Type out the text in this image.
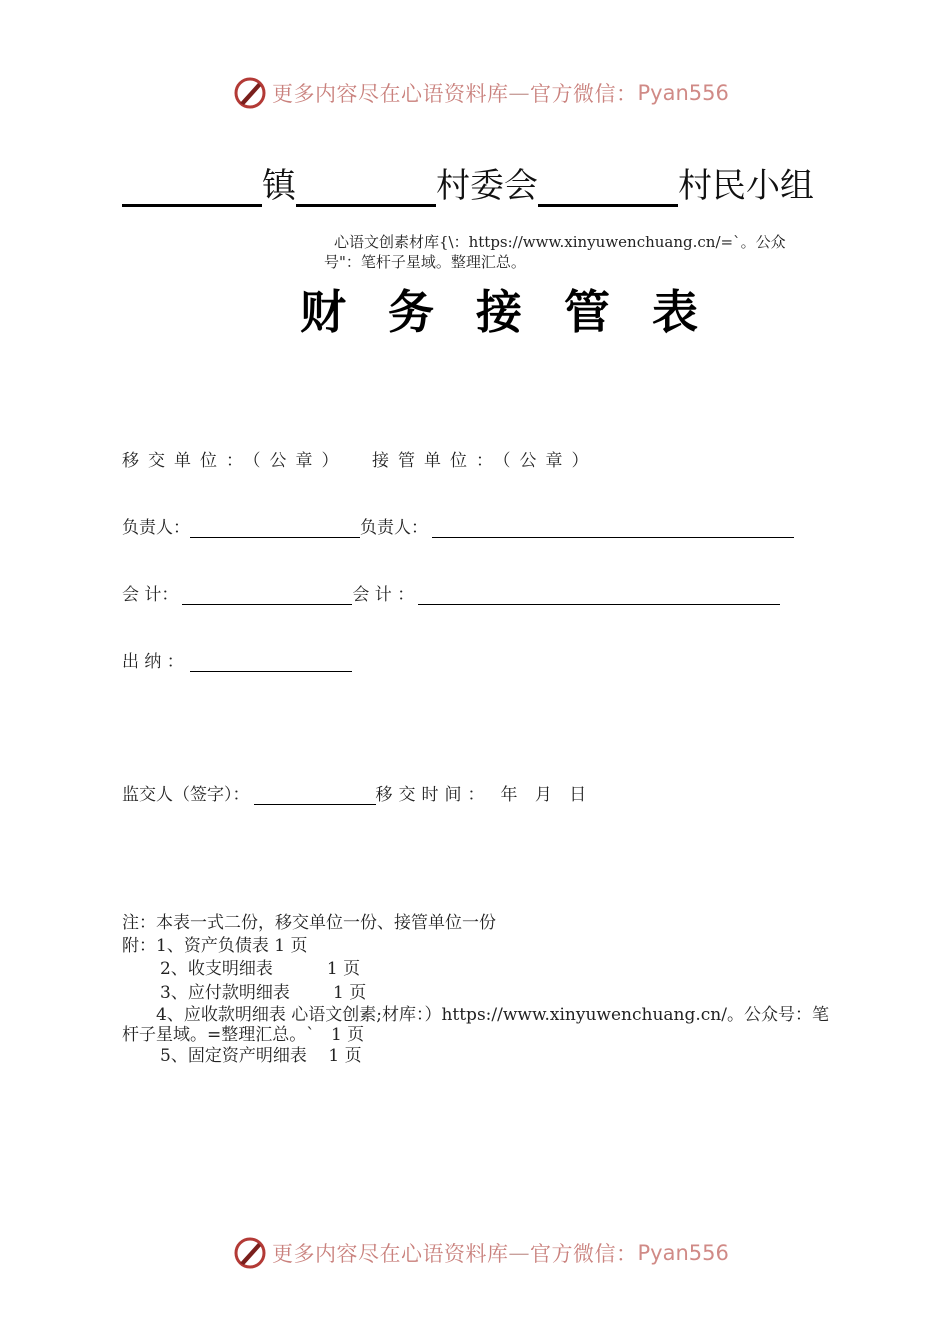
更多内容尽在心语资料库 — 官方微信： Pyan556
镇	村委会	村民小组
心语文创素材库{\：https://www.xinyuwenchuang.cn/=`。公众
号"：笔杆子星域。整理汇总。
财务接管表
移交单位：（公章） 接管单位：（公章）
负责人：	负责人：
会 计：	会 计 ：
出 纳 ：
监交人（签字）：	移交时间： 年 月 日
注：本表一式二份，移交单位一份、接管单位一份
附：1、资产负债表 1 页
2、收支明细表          1 页
3、应付款明细表        1 页
4、应收款明细表 心语文创素;材库：）https://www.xinyuwenchuang.cn/。公众号：笔
杆子星域。=整理汇总。`   1 页
5、固定资产明细表    1 页
更多内容尽在心语资料库 — 官方微信： Pyan556
